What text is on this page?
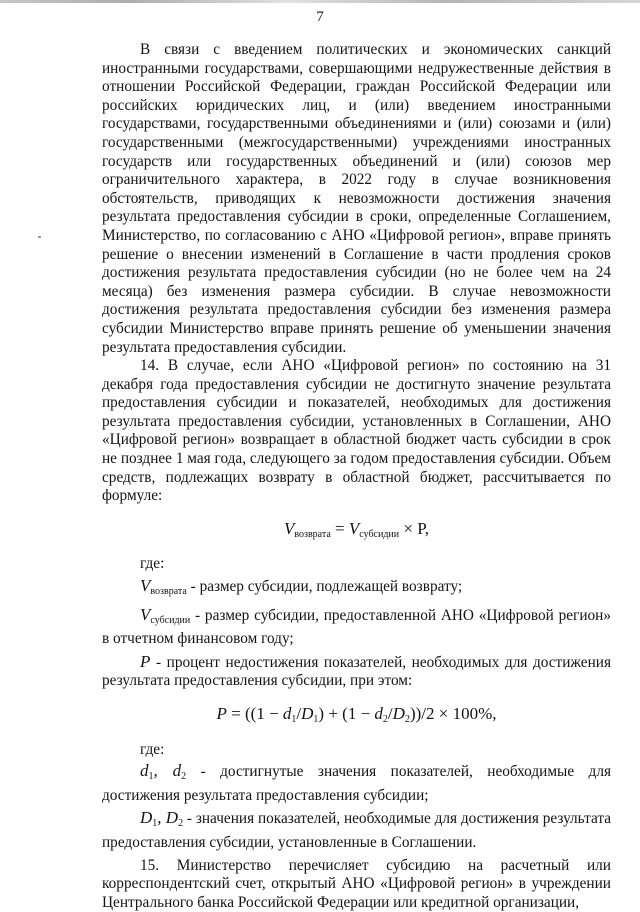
7

В связи с введением политических и экономических санкций иностранными государствами, совершающими недружественные действия в отношении Российской Федерации, граждан Российской Федерации или российских юридических лиц, и (или) введением иностранными государствами, государственными объединениями и (или) союзами и (или) государственными (межгосударственными) учреждениями иностранных государств или государственных объединений и (или) союзов мер ограничительного характера, в 2022 году в случае возникновения обстоятельств, приводящих к невозможности достижения значения результата предоставления субсидии в сроки, определенные Соглашением, Министерство, по согласованию с АНО «Цифровой регион», вправе принять решение о внесении изменений в Соглашение в части продления сроков достижения результата предоставления субсидии (но не более чем на 24 месяца) без изменения размера субсидии. В случае невозможности достижения результата предоставления субсидии без изменения размера субсидии Министерство вправе принять решение об уменьшении значения результата предоставления субсидии.

14. В случае, если АНО «Цифровой регион» по состоянию на 31 декабря года предоставления субсидии не достигнуто значение результата предоставления субсидии и показателей, необходимых для достижения результата предоставления субсидии, установленных в Соглашении, АНО «Цифровой регион» возвращает в областной бюджет часть субсидии в срок не позднее 1 мая года, следующего за годом предоставления субсидии. Объем средств, подлежащих возврату в областной бюджет, рассчитывается по формуле:

$V_{возврата} = V_{субсидии} \times P$,

где:

$V_{возврата}$ - размер субсидии, подлежащей возврату;

$V_{субсидии}$ - размер субсидии, предоставленной АНО «Цифровой регион» в отчетном финансовом году;

P - процент недостижения показателей, необходимых для достижения результата предоставления субсидии, при этом:

$P = ((1 - d_1/D_1) + (1 - d_2/D_2))/2 \times 100\%$,

где:

$d_1$, $d_2$ - достигнутые значения показателей, необходимые для достижения результата предоставления субсидии;

$D_1$, $D_2$ - значения показателей, необходимые для достижения результата предоставления субсидии, установленные в Соглашении.

15. Министерство перечисляет субсидию на расчетный или корреспондентский счет, открытый АНО «Цифровой регион» в учреждении Центрального банка Российской Федерации или кредитной организации,
